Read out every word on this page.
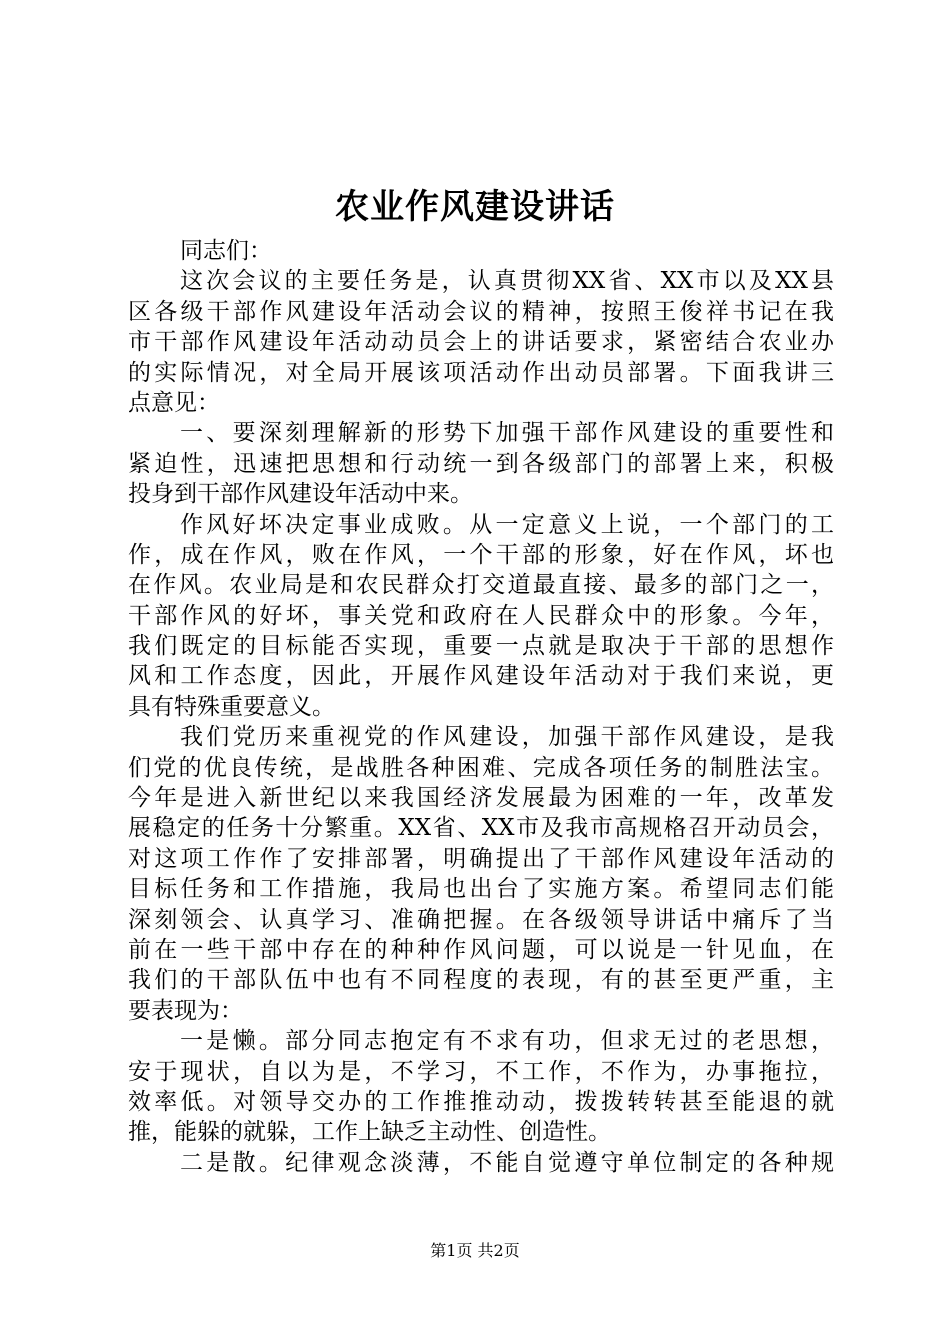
农业作风建设讲话
同志们：
这次会议的主要任务是，认真贯彻XX省、XX市以及XX县
区各级干部作风建设年活动会议的精神，按照王俊祥书记在我
市干部作风建设年活动动员会上的讲话要求，紧密结合农业办
的实际情况，对全局开展该项活动作出动员部署。下面我讲三
点意见：
一、要深刻理解新的形势下加强干部作风建设的重要性和
紧迫性，迅速把思想和行动统一到各级部门的部署上来，积极
投身到干部作风建设年活动中来。
作风好坏决定事业成败。从一定意义上说，一个部门的工
作，成在作风，败在作风，一个干部的形象，好在作风，坏也
在作风。农业局是和农民群众打交道最直接、最多的部门之一，
干部作风的好坏，事关党和政府在人民群众中的形象。今年，
我们既定的目标能否实现，重要一点就是取决于干部的思想作
风和工作态度，因此，开展作风建设年活动对于我们来说，更
具有特殊重要意义。
我们党历来重视党的作风建设，加强干部作风建设，是我
们党的优良传统，是战胜各种困难、完成各项任务的制胜法宝。
今年是进入新世纪以来我国经济发展最为困难的一年，改革发
展稳定的任务十分繁重。XX省、XX市及我市高规格召开动员会，
对这项工作作了安排部署，明确提出了干部作风建设年活动的
目标任务和工作措施，我局也出台了实施方案。希望同志们能
深刻领会、认真学习、准确把握。在各级领导讲话中痛斥了当
前在一些干部中存在的种种作风问题，可以说是一针见血，在
我们的干部队伍中也有不同程度的表现，有的甚至更严重，主
要表现为：
一是懒。部分同志抱定有不求有功，但求无过的老思想，
安于现状，自以为是，不学习，不工作，不作为，办事拖拉，
效率低。对领导交办的工作推推动动，拨拨转转甚至能退的就
推，能躲的就躲，工作上缺乏主动性、创造性。
二是散。纪律观念淡薄，不能自觉遵守单位制定的各种规
第1页 共2页
